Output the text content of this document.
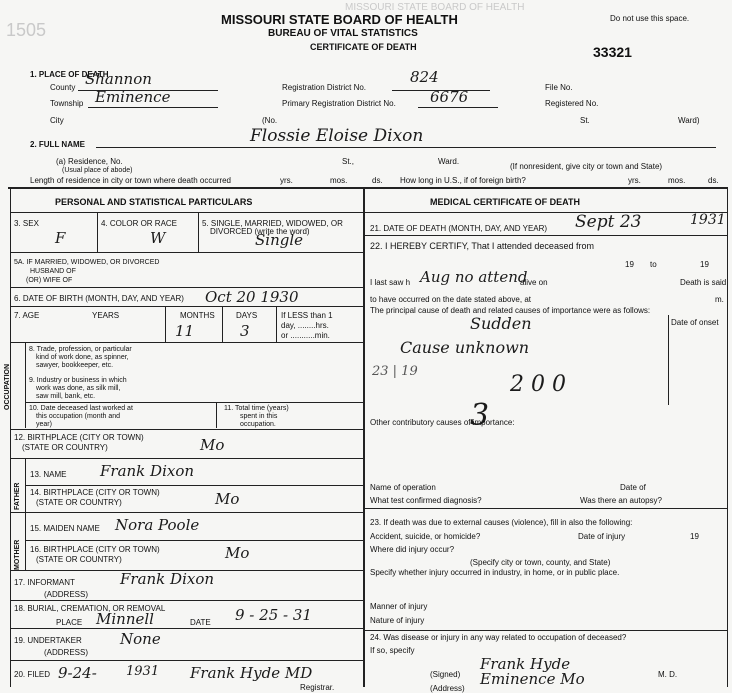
1505
MISSOURI STATE BOARD OF HEALTH
MISSOURI STATE BOARD OF HEALTH
BUREAU OF VITAL STATISTICS
CERTIFICATE OF DEATH
Do not use this space.
33321
1. PLACE OF DEATH
County Shannon
Township Eminence
City	(No.	St.	Ward)
Registration District No.
824
Primary Registration District No. 6676
File No.
Registered No.
2. FULL NAME	Flossie Eloise Dixon
(a) Residence, No.
(Usual place of abode)
St.,	Ward.
(If nonresident, give city or town and State)
Length of residence in city or town where death occurred	yrs.	mos.	ds. How long in U.S., if of foreign birth?	yrs.	mos.	ds.
PERSONAL AND STATISTICAL PARTICULARS
3. SEX
F
4. COLOR OR RACE
W
5. SINGLE, MARRIED, WIDOWED, OR
DIVORCED (write the word)
Single
5A. IF MARRIED, WIDOWED, OR DIVORCED
HUSBAND OF
(OR) WIFE OF
6. DATE OF BIRTH (MONTH, DAY, AND YEAR) Oct 20 1930
7. AGE	YEARS	MONTHS
11
DAYS
3
If LESS than 1
day, ........hrs.
or ...........min.
OCCUPATION
8. Trade, profession, or particular
kind of work done, as spinner,
sawyer, bookkeeper, etc.
9. Industry or business in which
work was done, as silk mill,
saw mill, bank, etc.
10. Date deceased last worked at
this occupation (month and
year)
11. Total time (years)
spent in this
occupation.
12. BIRTHPLACE (CITY OR TOWN)
(STATE OR COUNTRY)	Mo
FATHER
MOTHER
13. NAME Frank Dixon
14. BIRTHPLACE (CITY OR TOWN)
(STATE OR COUNTRY)	Mo
15. MAIDEN NAME Nora Poole
16. BIRTHPLACE (CITY OR TOWN)
(STATE OR COUNTRY)	Mo
17. INFORMANT
(ADDRESS)
Frank Dixon
18. BURIAL, CREMATION, OR REMOVAL
PLACE Minnell	DATE 9 - 25 - 31
19. UNDERTAKER
(ADDRESS)
None
20. FILED 9-24- 1931 Frank Hyde MD
Registrar.
MEDICAL CERTIFICATE OF DEATH
21. DATE OF DEATH (MONTH, DAY, AND YEAR) Sept 23	1931
22. I HEREBY CERTIFY, That I attended deceased from
19 to	19
I last saw h Aug no attend
alive on	Death is said
to have occurred on the date stated above, at	m.
The principal cause of death and related causes of importance were as follows:
Date of onset
Sudden
Cause unknown
23 | 19
2 0 0
Other contributory causes of importance:
3
Name of operation	Date of
What test confirmed diagnosis?	Was there an autopsy?
23. If death was due to external causes (violence), fill in also the following:
Accident, suicide, or homicide?	Date of injury	19
Where did injury occur?
(Specify city or town, county, and State)
Specify whether injury occurred in industry, in home, or in public place.
Manner of injury
Nature of injury
24. Was disease or injury in any way related to occupation of deceased?
If so, specify
(Signed)
Frank Hyde
M. D.
(Address)
Eminence Mo
